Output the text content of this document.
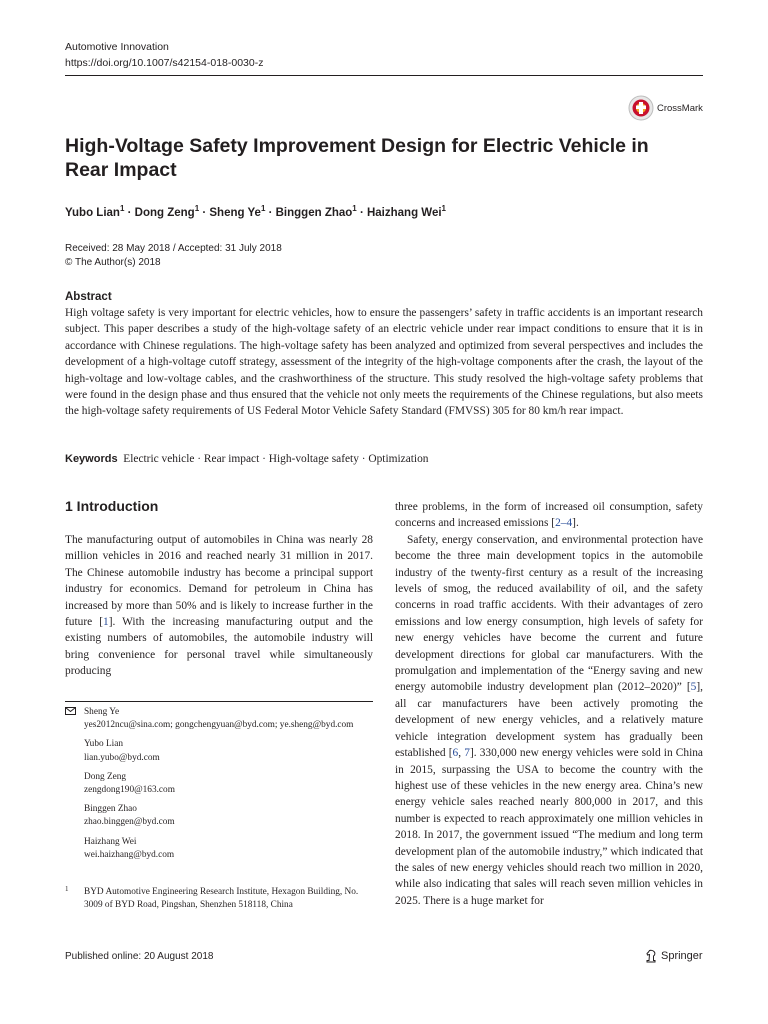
Automotive Innovation
https://doi.org/10.1007/s42154-018-0030-z
CrossMark
High-Voltage Safety Improvement Design for Electric Vehicle in Rear Impact
Yubo Lian$^1$ · Dong Zeng$^1$ · Sheng $Ye^1$ · Binggen Zhao$^1$ · Haizhang Wei$^1$
Received: 28 May 2018 / Accepted: 31 July 2018
© The Author(s) 2018
Abstract

High voltage safety is very important for electric vehicles, how to ensure the passengers’ safety in traffic accidents is an important research subject. This paper describes a study of the high-voltage safety of an electric vehicle under rear impact conditions to ensure that it is in accordance with Chinese regulations. The high-voltage safety has been analyzed and optimized from several perspectives and includes the development of a high-voltage cutoff strategy, assessment of the integrity of the high-voltage components after the crash, the layout of the high-voltage and low-voltage cables, and the crashworthiness of the structure. This study resolved the high-voltage safety problems that were found in the design phase and thus ensured that the vehicle not only meets the requirements of the Chinese regulations, but also meets the high-voltage safety requirements of US Federal Motor Vehicle Safety Standard (FMVSS) 305 for 80 km/h rear impact.

Keywords Electric vehicle · Rear impact · High-voltage safety · Optimization
1 Introduction

The manufacturing output of automobiles in China was nearly 28 million vehicles in 2016 and reached nearly 31 million in 2017. The Chinese automobile industry has become a principal support industry for economics. Demand for petroleum in China has increased by more than 50% and is likely to increase further in the future [1]. With the increasing manufacturing output and the existing numbers of automobiles, the automobile industry will bring convenience for personal travel while simultaneously producing

three problems, in the form of increased oil consumption, safety concerns and increased emissions [2–4].
Safety, energy conservation, and environmental protection have become the three main development topics in the automobile industry of the twenty-first century as a result of the increasing levels of smog, the reduced availability of oil, and the safety concerns in road traffic accidents. With their advantages of zero emissions and low energy consumption, high levels of safety for new energy vehicles have become the current and future development directions for global car manufacturers. With the promulgation and implementation of the “Energy saving and new energy automobile industry development plan (2012–2020)” [5], all car manufacturers have been actively promoting the development of new energy vehicles, and a relatively mature vehicle integration development system has gradually been established [6, 7]. 330,000 new energy vehicles were sold in China in 2015, surpassing the USA to become the country with the highest use of these vehicles in the new energy area. China’s new energy vehicle sales reached nearly 800,000 in 2017, and this number is expected to reach approximately one million vehicles in 2018. In 2017, the government issued “The medium and long term development plan of the automobile industry,” which indicated that the sales of new energy vehicles should reach two million in 2020, while also indicating that sales will reach seven million vehicles in 2025. There is a huge market for

Sheng Ye
yes2012ncu@sina.com; gongchengyuan@byd.com; ye.sheng@byd.com
Yubo Lian
lian.yubo@byd.com
Dong Zeng
zengdong190@163.com
Binggen Zhao
zhao.binggen@byd.com
Haizhang Wei
wei.haizhang@byd.com
1 BYD Automotive Engineering Research Institute, Hexagon Building, No. 3009 of BYD Road, Pingshan, Shenzhen 518118, China
Published online: 20 August 2018	Springer
